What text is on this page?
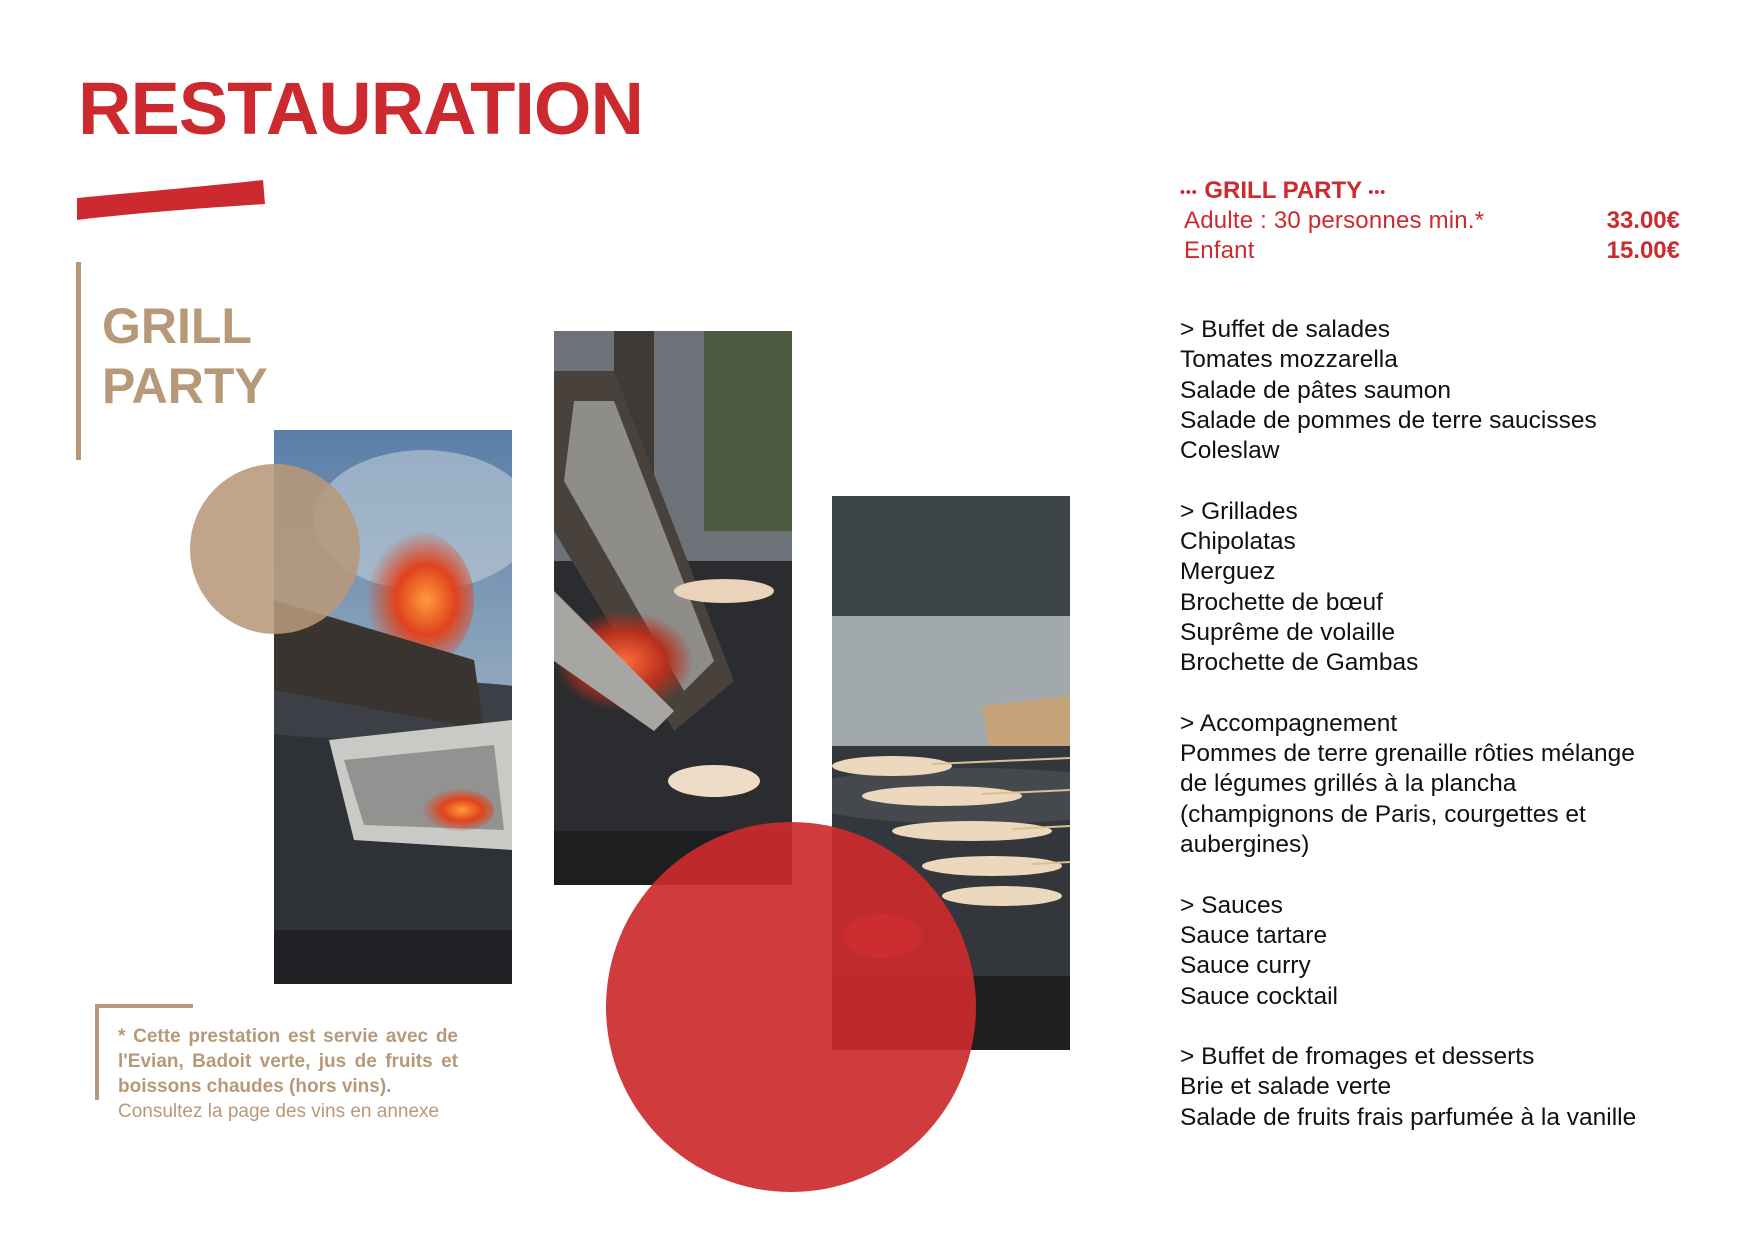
RESTAURATION
GRILL
PARTY
* Cette prestation est servie avec de l'Evian, Badoit verte, jus de fruits et boissons chaudes (hors vins).
Consultez la page des vins en annexe
••• GRILL PARTY •••
Adulte : 30 personnes min.*	33.00€
Enfant	15.00€

> Buffet de salades

Tomates mozzarella

Salade de pâtes saumon

Salade de pommes de terre saucisses Coleslaw

> Grillades

Chipolatas

Merguez

Brochette de bœuf

Suprême de volaille

Brochette de Gambas

> Accompagnement

Pommes de terre grenaille rôties mélange de légumes grillés à la plancha (champignons de Paris, courgettes et aubergines)

> Sauces

Sauce tartare

Sauce curry

Sauce cocktail

> Buffet de fromages et desserts

Brie et salade verte

Salade de fruits frais parfumée à la vanille
